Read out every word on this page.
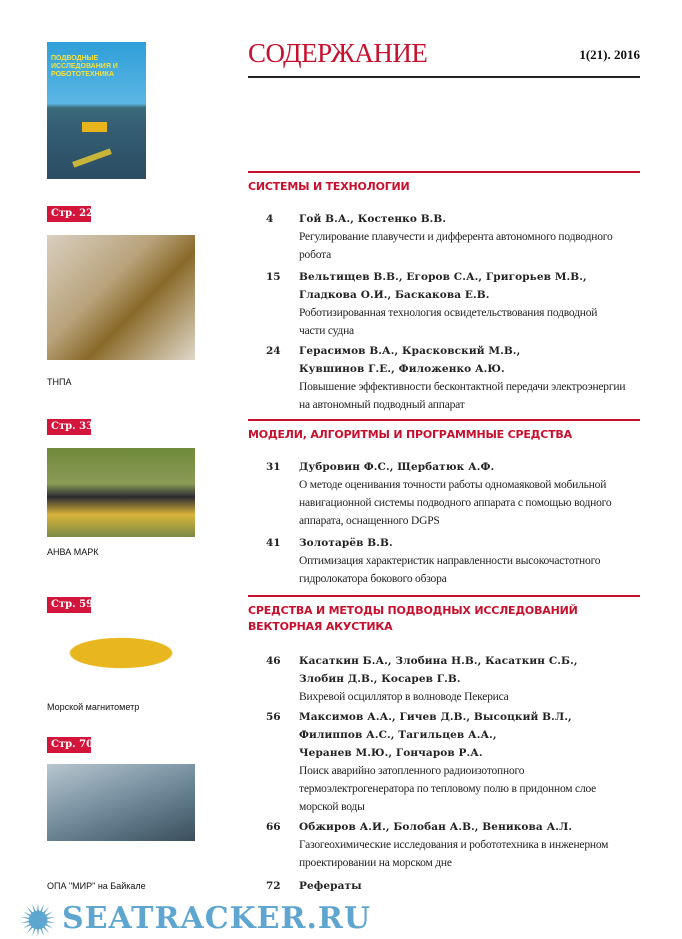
ПОДВОДНЫЕ ИССЛЕДОВАНИЯ И РОБОТОТЕХНИКА
Стр. 22
ТНПА
Стр. 33
АНВА МАРК
Стр. 59
Морской магнитометр
Стр. 70
ОПА "МИР" на Байкале
СОДЕРЖАНИЕ	1(21). 2016
СИСТЕМЫ И ТЕХНОЛОГИИ
4 Гой В.А., Костенко В.В.
Регулирование плавучести и дифферента автономного подводного
робота
15 Вельтищев В.В., Егоров С.А., Григорьев М.В.,
Гладкова О.И., Баскакова Е.В.
Роботизированная технология освидетельствования подводной
части судна
24 Герасимов В.А., Красковский М.В.,
Кувшинов Г.Е., Филоженко А.Ю.
Повышение эффективности бесконтактной передачи электроэнергии
на автономный подводный аппарат
МОДЕЛИ, АЛГОРИТМЫ И ПРОГРАММНЫЕ СРЕДСТВА
31 Дубровин Ф.С., Щербатюк А.Ф.
О методе оценивания точности работы одномаяковой мобильной
навигационной системы подводного аппарата с помощью водного
аппарата, оснащенного DGPS
41 Золотарёв В.В.
Оптимизация характеристик направленности высокочастотного
гидролокатора бокового обзора
СРЕДСТВА И МЕТОДЫ ПОДВОДНЫХ ИССЛЕДОВАНИЙ
ВЕКТОРНАЯ АКУСТИКА
46 Касаткин Б.А., Злобина Н.В., Касаткин С.Б.,
Злобин Д.В., Косарев Г.В.
Вихревой осциллятор в волноводе Пекериса
56 Максимов А.А., Гичев Д.В., Высоцкий В.Л.,
Филиппов А.С., Тагильцев А.А.,
Черанев М.Ю., Гончаров Р.А.
Поиск аварийно затопленного радиоизотопного
термоэлектрогенератора по тепловому полю в придонном слое
морской воды
66 Обжиров А.И., Болобан А.В., Веникова А.Л.
Газогеохимические исследования и робототехника в инженерном
проектировании на морском дне
72 Рефераты
SEATRACKER.RU
